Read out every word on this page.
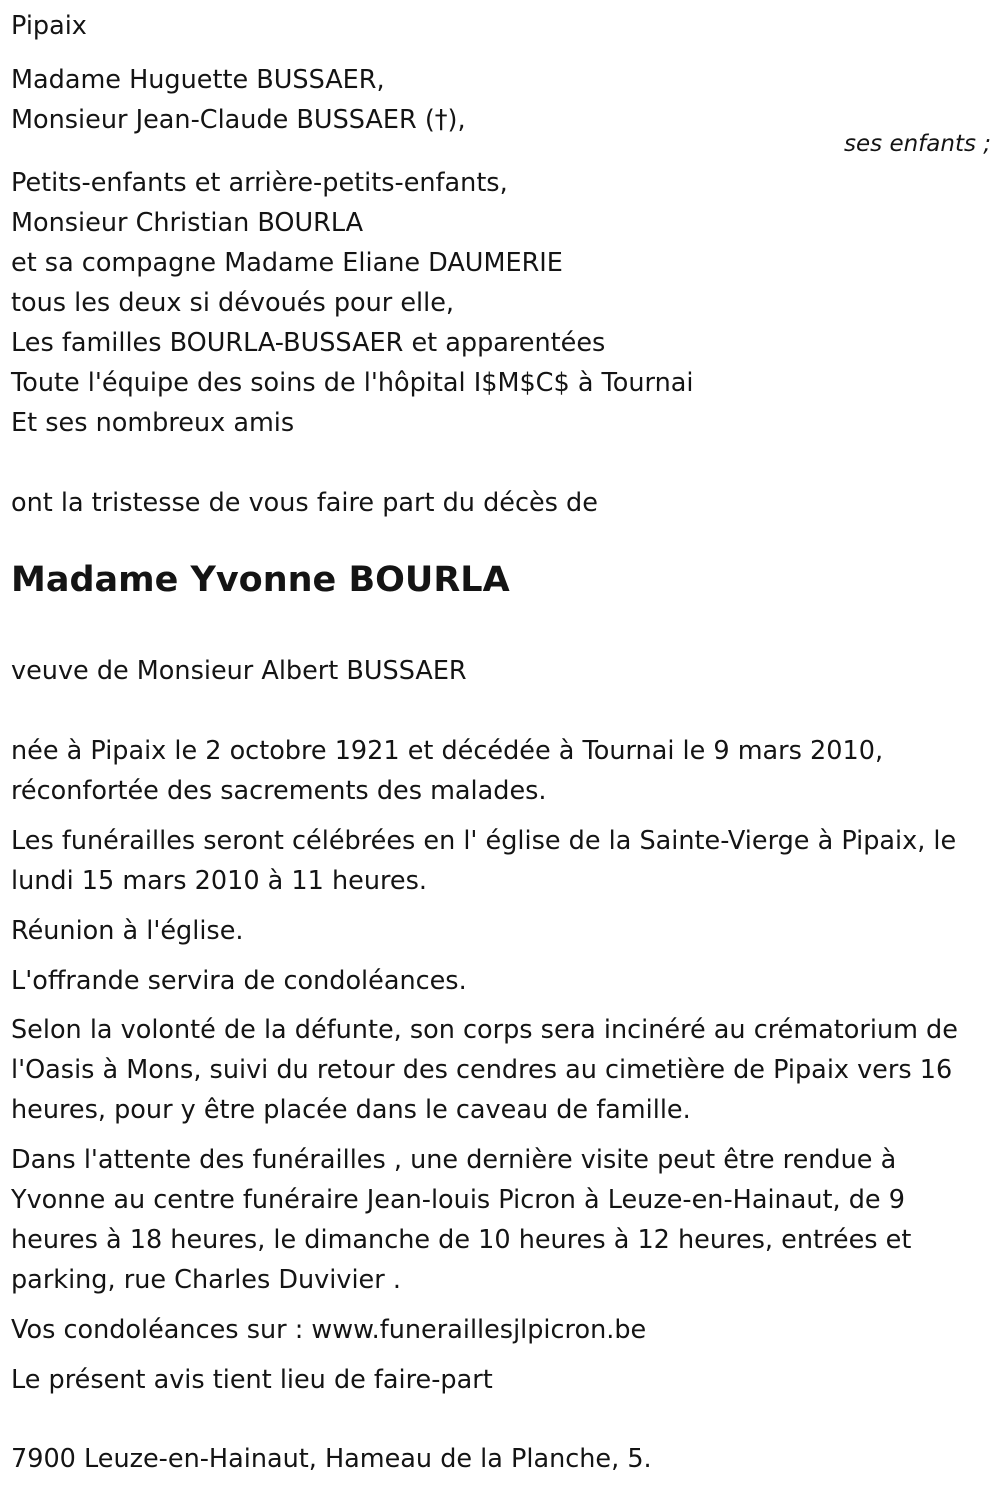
Pipaix
Madame Huguette BUSSAER,
Monsieur Jean-Claude BUSSAER (†),
ses enfants ;
Petits-enfants et arrière-petits-enfants,
Monsieur Christian BOURLA
et sa compagne Madame Eliane DAUMERIE
tous les deux si dévoués pour elle,
Les familles BOURLA-BUSSAER et apparentées
Toute l'équipe des soins de l'hôpital I$M$C$ à Tournai
Et ses nombreux amis
ont la tristesse de vous faire part du décès de
Madame Yvonne BOURLA
veuve de Monsieur Albert BUSSAER
née à Pipaix le 2 octobre 1921 et décédée à Tournai le 9 mars 2010, réconfortée des sacrements des malades.
Les funérailles seront célébrées en l' église de la Sainte-Vierge à Pipaix, le lundi 15 mars 2010 à 11 heures.
Réunion à l'église.
L'offrande servira de condoléances.
Selon la volonté de la défunte, son corps sera incinéré au crématorium de l'Oasis à Mons, suivi du retour des cendres au cimetière de Pipaix vers 16 heures, pour y être placée dans le caveau de famille.
Dans l'attente des funérailles , une dernière visite peut être rendue à Yvonne au centre funéraire Jean-louis Picron à Leuze-en-Hainaut, de 9 heures à 18 heures, le dimanche de 10 heures à 12 heures, entrées et parking, rue Charles Duvivier .
Vos condoléances sur : www.funeraillesjlpicron.be
Le présent avis tient lieu de faire-part
7900 Leuze-en-Hainaut, Hameau de la Planche, 5.
